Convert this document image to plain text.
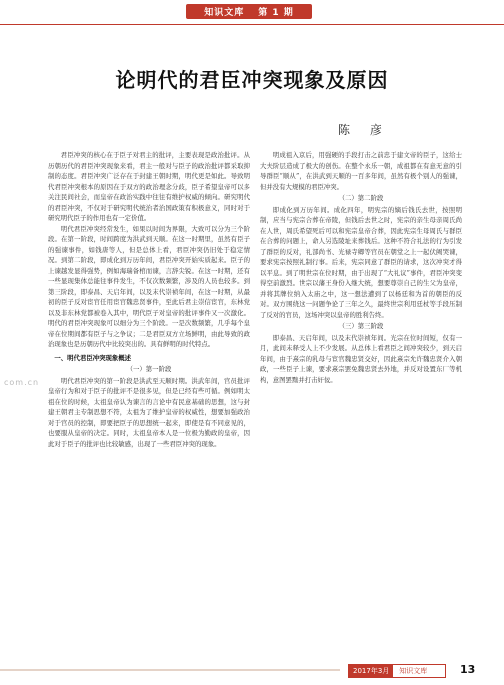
知识文库 第 1 期
论明代的君臣冲突现象及原因
陈 彦

君臣冲突的核心在于臣子对君主的批评，主要表现是政治批评。从历朝历代的君臣冲突现象来看，君主一般对与臣子的政治批评都采取抑制的态度。君臣冲突广泛存在于封建王朝时期，明代更是如此。导致明代君臣冲突根本的原因在于双方的政治理念分歧，臣子希望皇帝可以多关注民间社会，而皇帝在政治实践中往往有维护权威的倾向。研究明代的君臣冲突，不仅对于研究明代统治者治国政策有积极意义，同时对于研究明代臣子的作用也有一定价值。

明代君臣冲突经常发生，如果以时间为界限，大致可以分为三个阶段。在第一阶段，时间跨度为洪武到天顺。在这一时期里，虽然有臣子的强谏事件，如钱唐等人，但是总体上看，君臣冲突仍旧处于稳定情况。到第二阶段，即成化到万历年间，君臣冲突开始实质起来。臣子的上谏越发显得强势，例如海瑞备棺而谏，言辞尖锐。在这一时期，还有一些显现集体总能往事件发生，不仅次数频繁，涉及的人员也较多。到第三阶段，即泰昌、天启年间，以及末代崇祯年间，在这一时期，从最初的臣子反对宦官任用宦官魏忠贤事件，至此后君主崇信宦官，东林党以及非东林党都被卷入其中，明代臣子对皇帝的批评事件又一次激化。明代的君臣冲突现象可以细分为三个阶段。一是次数频繁，几乎每个皇帝在位期间都有臣子与之争议；二是君臣双方立场鲜明，由此导致的政治现象也是历朝历代中比较突出的。具有鲜明的时代特点。

一、明代君臣冲突现象概述

（一）第一阶段

明代君臣冲突的第一阶段是洪武至天顺时期。洪武年间，官员批评皇帝行为和对于臣子的批评不是很多见，但是已经有些可循。例如明太祖在位的时候，太祖皇帝认为谏言的言论中有民意基础的思想，这与封建王朝君主专制思想不符，太祖为了维护皇帝的权威性，想要加强政治对于官员的控制，即要把臣子的思想统一起来，即使是有不同意见的，也要服从皇帝的决定。同时，太祖皇帝本人是一位极为勤政的皇帝，因此对于臣子的批评也比较敏感，出现了一些君臣冲突的现象。

明成祖入京后，用强硬的手段打击之前忠于建文帝的臣子，这给士大夫阶层造成了极大的创伤。在整个永乐一朝，成祖都在有意无意的引导群臣“顺从”，在洪武到天顺的一百多年间，虽然有极个别人的强谏，但并没有大规模的君臣冲突。

（二）第二阶段

即成化到万历年间。成化四年，明宪宗的嫡后钱氏去世，按照明制，应当与宪宗合葬在帝陵，但钱后去世之时，宪宗的亲生母亲周氏尚在人世，周氏希望死后可以和宪宗皇帝合葬，因此宪宗生母周氏与群臣在合葬的问题上，命人另选陵址来葬钱后。这种不符合礼法的行为引发了群臣的反对，礼部尚书、光禄寺卿等官员在朝堂之上一起伏阙哭谏，要求宪宗按照礼制行事。后来，宪宗同意了群臣的请求，这次冲突才得以平息。到了明世宗在位时期，由于出现了“大礼议”事件，君臣冲突变得空前激烈。世宗以藩王身份入继大统，想要尊崇自己的生父为皇帝，并将其牌位纳入太庙之中，这一想法遭到了以杨廷和为首的朝臣的反对。双方围绕这一问题争论了三年之久，最终世宗利用廷杖等手段压制了反对的官员，这场冲突以皇帝的胜利告终。

（三）第三阶段

即泰昌、天启年间，以及末代崇祯年间。光宗在位时间短，仅有一月，此间未释受人上不少发展。从总体上看君臣之间冲突较少，到天启年间，由于熹宗的乳母与宦官魏忠贤交好，因此熹宗允许魏忠贤介入朝政，一些臣子上谏，要求熹宗罢免魏忠贤去外地，并反对设置东厂等机构，意图罢黜并打击奸佞。

com.cn
2017年3月	知识文库	13
